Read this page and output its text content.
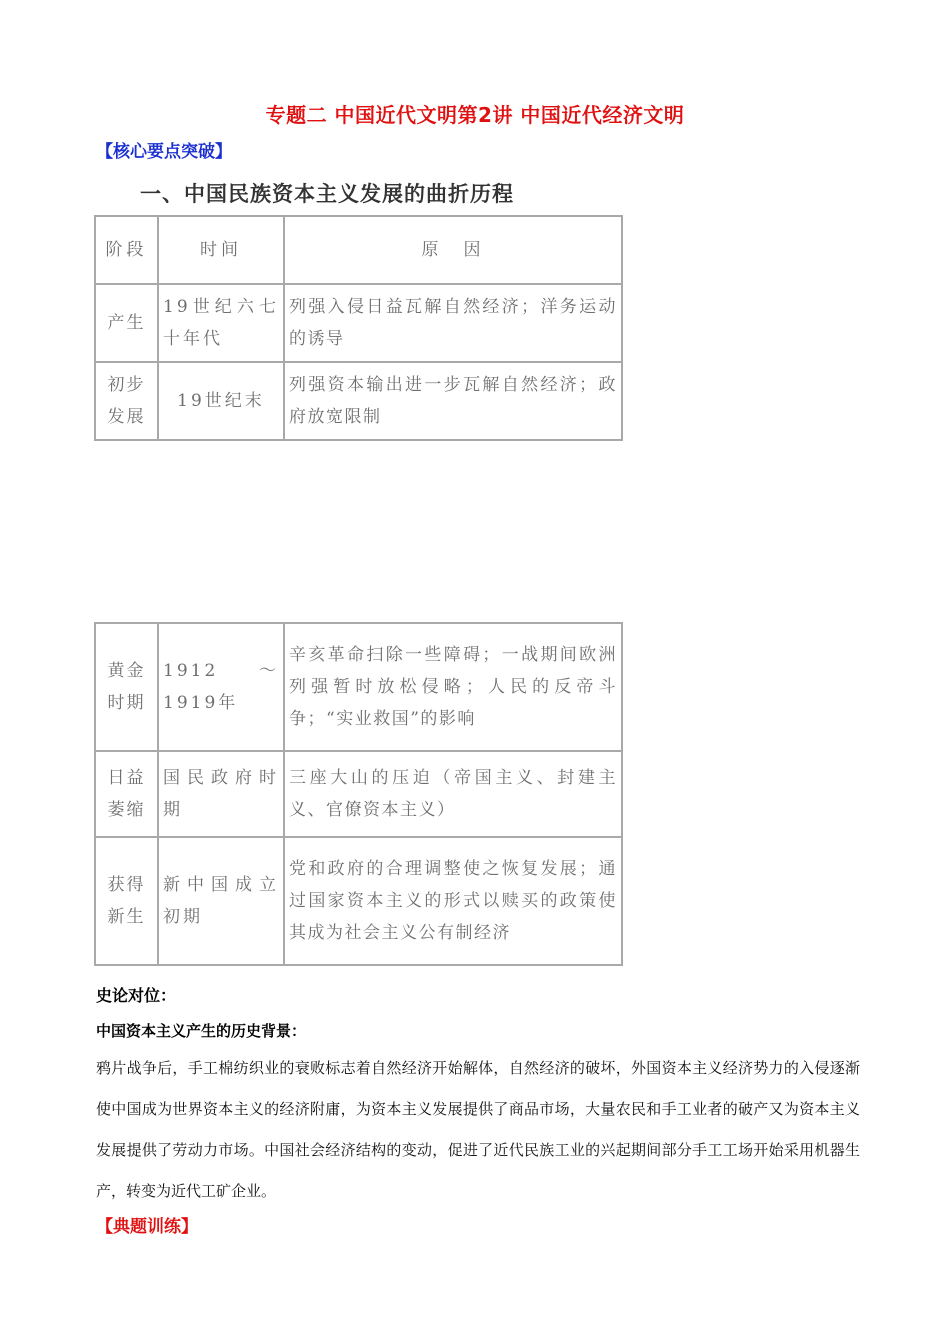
专题二 中国近代文明第2讲 中国近代经济文明
【核心要点突破】
一、中国民族资本主义发展的曲折历程
阶段	时间	原　因
产生	19世纪六七十年代	列强入侵日益瓦解自然经济；洋务运动的诱导
初步发展	19世纪末	列强资本输出进一步瓦解自然经济；政府放宽限制
黄金时期	1912～1919年	辛亥革命扫除一些障碍；一战期间欧洲列强暂时放松侵略；人民的反帝斗争；“实业救国”的影响
日益萎缩	国民政府时期	三座大山的压迫（帝国主义、封建主义、官僚资本主义）
获得新生	新中国成立初期	党和政府的合理调整使之恢复发展；通过国家资本主义的形式以赎买的政策使其成为社会主义公有制经济
史论对位：
中国资本主义产生的历史背景：
鸦片战争后，手工棉纺织业的衰败标志着自然经济开始解体，自然经济的破坏，外国资本主义经济势力的入侵逐渐使中国成为世界资本主义的经济附庸，为资本主义发展提供了商品市场，大量农民和手工业者的破产又为资本主义发展提供了劳动力市场。中国社会经济结构的变动，促进了近代民族工业的兴起期间部分手工工场开始采用机器生产，转变为近代工矿企业。
【典题训练】
